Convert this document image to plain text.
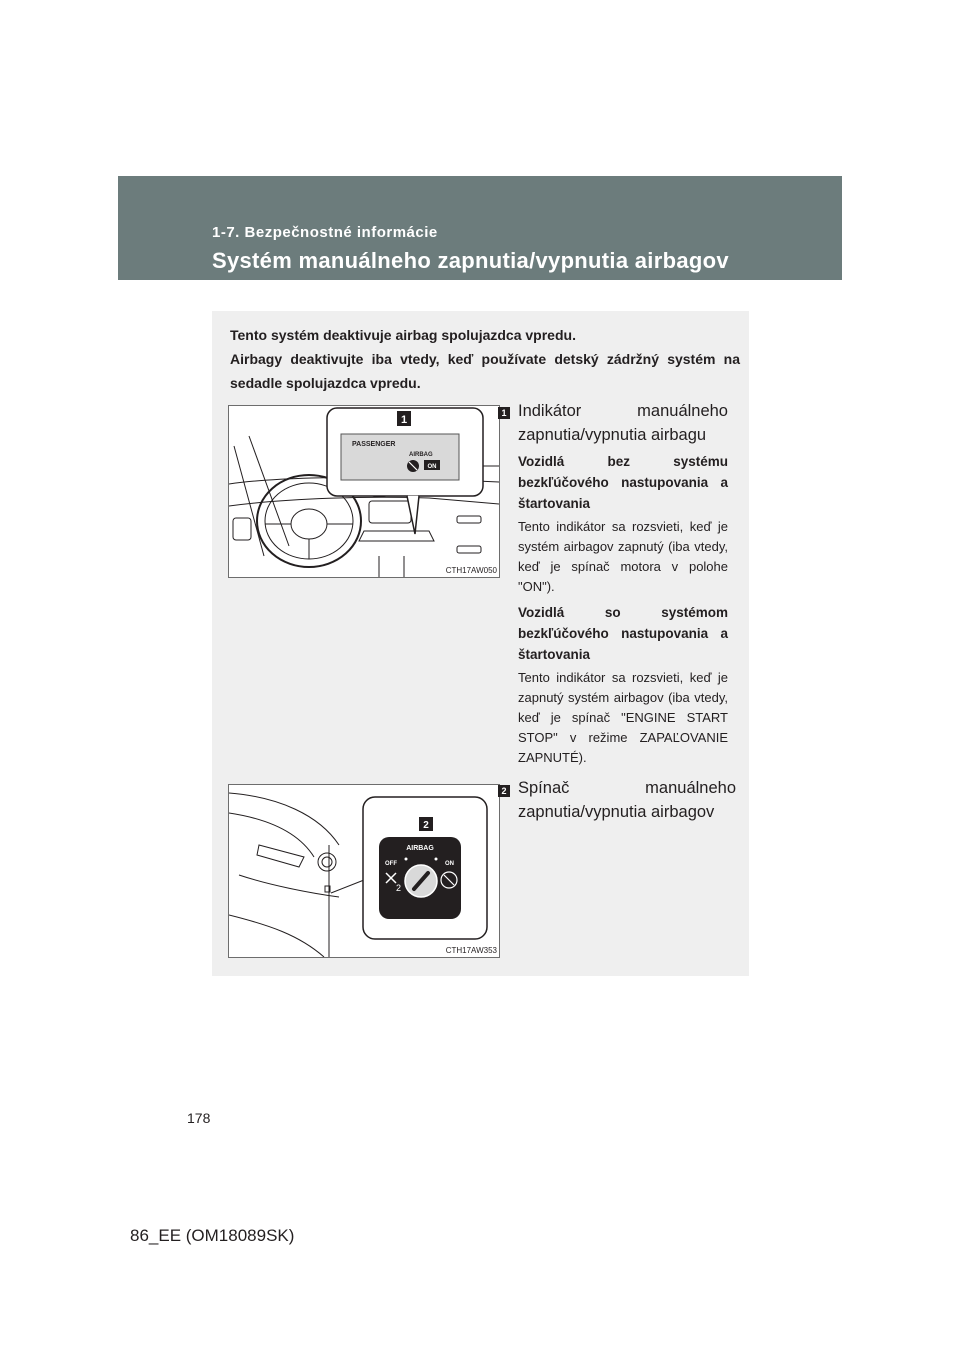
1-7. Bezpečnostné informácie
Systém manuálneho zapnutia/vypnutia airbagov

Tento systém deaktivuje airbag spolujazdca vpredu.

Airbagy deaktivujte iba vtedy, keď používate detský zádržný systém na sedadle spolujazdca vpredu.

1
PASSENGER
AIRBAG
ON
CTH17AW050
2
AIRBAG
OFF	ON
2
CTH17AW353
1 Indikátor manuálneho zapnutia/vypnutia airbagu
Vozidlá bez systému bezkľúčového nastupovania a štartovania
Tento indikátor sa rozsvieti, keď je systém airbagov zapnutý (iba vtedy, keď je spínač motora v polohe "ON").
Vozidlá so systémom bezkľúčového nastupovania a štartovania
Tento indikátor sa rozsvieti, keď je zapnutý systém airbagov (iba vtedy, keď je spínač "ENGINE START STOP" v režime ZAPAĽOVANIE ZAPNUTÉ).
2 Spínač manuálneho zapnutia/vypnutia airbagov
178
86_EE (OM18089SK)
